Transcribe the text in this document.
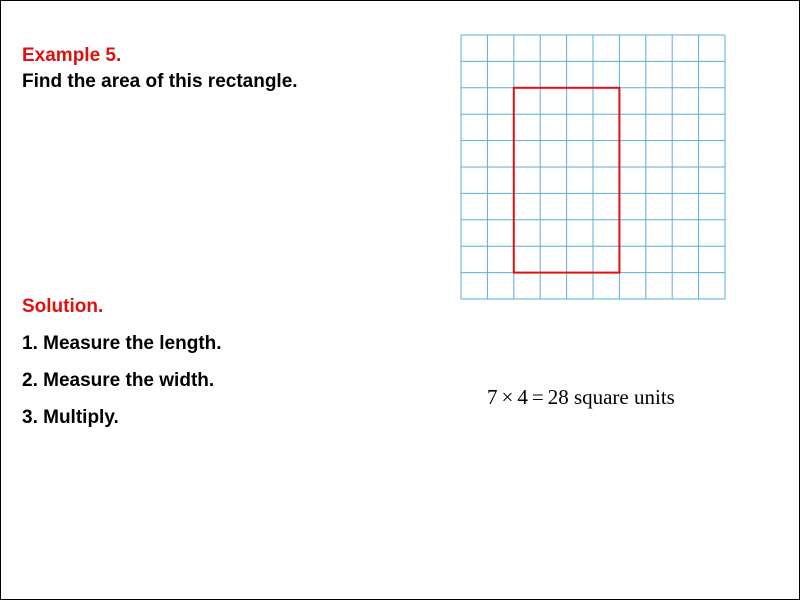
Example 5.

Find the area of this rectangle.

Solution.

1. Measure the length.

2. Measure the width.

3. Multiply.

7 × 4 = 28 square units
